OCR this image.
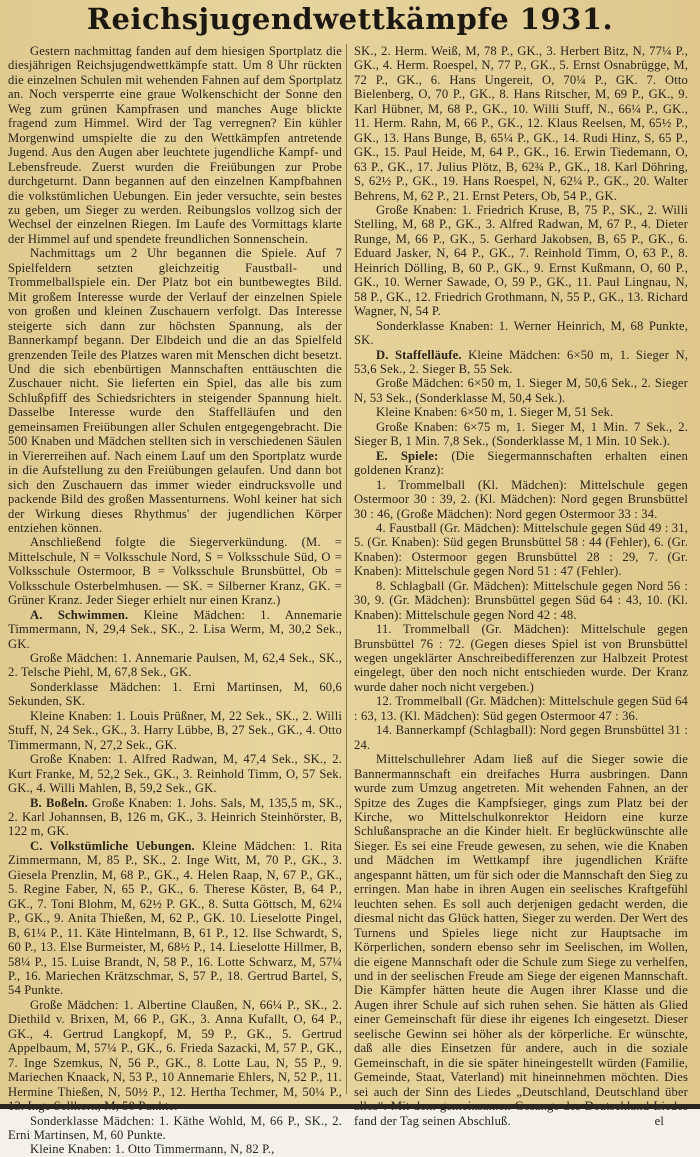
Reichsjugendwettkämpfe 1931.

Gestern nachmittag fanden auf dem hiesigen Sportplatz die diesjährigen Reichsjugendwettkämpfe statt. Um 8 Uhr rückten die einzelnen Schulen mit wehenden Fahnen auf dem Sportplatz an. Noch versperrte eine graue Wolkenschicht der Sonne den Weg zum grünen Kampfrasen und manches Auge blickte fragend zum Himmel. Wird der Tag verregnen? Ein kühler Morgenwind umspielte die zu den Wettkämpfen antretende Jugend. Aus den Augen aber leuchtete jugendliche Kampf- und Lebensfreude. Zuerst wurden die Freiübungen zur Probe durchgeturnt. Dann begannen auf den einzelnen Kampfbahnen die volkstümlichen Uebungen. Ein jeder versuchte, sein bestes zu geben, um Sieger zu werden. Reibungslos vollzog sich der Wechsel der einzelnen Riegen. Im Laufe des Vormittags klarte der Himmel auf und spendete freundlichen Sonnenschein.

Nachmittags um 2 Uhr begannen die Spiele. Auf 7 Spielfeldern setzten gleichzeitig Faustball- und Trommelballspiele ein. Der Platz bot ein buntbewegtes Bild. Mit großem Interesse wurde der Verlauf der einzelnen Spiele von großen und kleinen Zuschauern verfolgt. Das Interesse steigerte sich dann zur höchsten Spannung, als der Bannerkampf begann. Der Elbdeich und die an das Spielfeld grenzenden Teile des Platzes waren mit Menschen dicht besetzt. Und die sich ebenbürtigen Mannschaften enttäuschten die Zuschauer nicht. Sie lieferten ein Spiel, das alle bis zum Schlußpfiff des Schiedsrichters in steigender Spannung hielt. Dasselbe Interesse wurde den Staffelläufen und den gemeinsamen Freiübungen aller Schulen entgegengebracht. Die 500 Knaben und Mädchen stellten sich in verschiedenen Säulen in Viererreihen auf. Nach einem Lauf um den Sportplatz wurde in die Aufstellung zu den Freiübungen gelaufen. Und dann bot sich den Zuschauern das immer wieder eindrucksvolle und packende Bild des großen Massenturnens. Wohl keiner hat sich der Wirkung dieses Rhythmus' der jugendlichen Körper entziehen können.

Anschließend folgte die Siegerverkündung. (M. = Mittelschule, N = Volksschule Nord, S = Volksschule Süd, O = Volksschule Ostermoor, B = Volksschule Brunsbüttel, Ob = Volksschule Osterbelmhusen. — SK. = Silberner Kranz, GK. = Grüner Kranz. Jeder Sieger erhielt nur einen Kranz.)

A. Schwimmen. Kleine Mädchen: 1. Annemarie Timmermann, N, 29,4 Sek., SK., 2. Lisa Werm, M, 30,2 Sek., GK.

Große Mädchen: 1. Annemarie Paulsen, M, 62,4 Sek., SK., 2. Telsche Piehl, M, 67,8 Sek., GK.

Sonderklasse Mädchen: 1. Erni Martinsen, M, 60,6 Sekunden, SK.

Kleine Knaben: 1. Louis Prüßner, M, 22 Sek., SK., 2. Willi Stuff, N, 24 Sek., GK., 3. Harry Lübbe, B, 27 Sek., GK., 4. Otto Timmermann, N, 27,2 Sek., GK.

Große Knaben: 1. Alfred Radwan, M, 47,4 Sek., SK., 2. Kurt Franke, M, 52,2 Sek., GK., 3. Reinhold Timm, O, 57 Sek. GK., 4. Willi Mahlen, B, 59,2 Sek., GK.

B. Boßeln. Große Knaben: 1. Johs. Sals, M, 135,5 m, SK., 2. Karl Johannsen, B, 126 m, GK., 3. Heinrich Steinhörster, B, 122 m, GK.

C. Volkstümliche Uebungen. Kleine Mädchen: 1. Rita Zimmermann, M, 85 P., SK., 2. Inge Witt, M, 70 P., GK., 3. Giesela Prenzlin, M, 68 P., GK., 4. Helen Raap, N, 67 P., GK., 5. Regine Faber, N, 65 P., GK., 6. Therese Köster, B, 64 P., GK., 7. Toni Blohm, M, 62½ P. GK., 8. Sutta Göttsch, M, 62¼ P., GK., 9. Anita Thießen, M, 62 P., GK. 10. Lieselotte Pingel, B, 61¼ P., 11. Käte Hintelmann, B, 61 P., 12. Ilse Schwardt, S, 60 P., 13. Else Burmeister, M, 68½ P., 14. Lieselotte Hillmer, B, 58¼ P., 15. Luise Brandt, N, 58 P., 16. Lotte Schwarz, M, 57¼ P., 16. Mariechen Krätzschmar, S, 57 P., 18. Gertrud Bartel, S, 54 Punkte.

Große Mädchen: 1. Albertine Claußen, N, 66¼ P., SK., 2. Diethild v. Brixen, M, 66 P., GK., 3. Anna Kufallt, O, 64 P., GK., 4. Gertrud Langkopf, M, 59 P., GK., 5. Gertrud Appelbaum, M, 57¼ P., GK., 6. Frieda Sazacki, M, 57 P., GK., 7. Inge Szemkus, N, 56 P., GK., 8. Lotte Lau, N, 55 P., 9. Mariechen Knaack, N, 53 P., 10 Annemarie Ehlers, N, 52 P., 11. Hermine Thießen, N, 50½ P., 12. Hertha Techmer, M, 50¼ P.,

Sonderklasse Mädchen: 1. Käthe Wohld, M, 66 P., SK., 2. Erni Martinsen, M, 60 Punkte.

Kleine Knaben: 1. Otto Timmermann, N, 82 P.,

SK., 2. Herm. Weiß, M, 78 P., GK., 3. Herbert Bitz, N, 77¼ P., GK., 4. Herm. Roespel, N, 77 P., GK., 5. Ernst Osnabrügge, M, 72 P., GK., 6. Hans Ungereit, O, 70¼ P., GK. 7. Otto Bielenberg, O, 70 P., GK., 8. Hans Ritscher, M, 69 P., GK., 9. Karl Hübner, M, 68 P., GK., 10. Willi Stuff, N., 66¼ P., GK., 11. Herm. Rahn, M, 66 P., GK., 12. Klaus Reelsen, M, 65½ P., GK., 13. Hans Bunge, B, 65¼ P., GK., 14. Rudi Hinz, S, 65 P., GK., 15. Paul Heide, M, 64 P., GK., 16. Erwin Tiedemann, O, 63 P., GK., 17. Julius Plötz, B, 62¾ P., GK., 18. Karl Döhring, S, 62½ P., GK., 19. Hans Roespel, N, 62¼ P., GK., 20. Walter Behrens, M, 62 P., 21. Ernst Peters, Ob, 54 P., GK.

Große Knaben: 1. Friedrich Kruse, B, 75 P., SK., 2. Willi Stelling, M, 68 P., GK., 3. Alfred Radwan, M, 67 P., 4. Dieter Runge, M, 66 P., GK., 5. Gerhard Jakobsen, B, 65 P., GK., 6. Eduard Jasker, N, 64 P., GK., 7. Reinhold Timm, O, 63 P., 8. Heinrich Dölling, B, 60 P., GK., 9. Ernst Kußmann, O, 60 P., GK., 10. Werner Sawade, O, 59 P., GK., 11. Paul Lingnau, N, 58 P., GK., 12. Friedrich Grothmann, N, 55 P., GK., 13. Richard Wagner, N, 54 P.

Sonderklasse Knaben: 1. Werner Heinrich, M, 68 Punkte, SK.

D. Staffelläufe. Kleine Mädchen: 6×50 m, 1. Sieger N, 53,6 Sek., 2. Sieger B, 55 Sek.

Große Mädchen: 6×50 m, 1. Sieger M, 50,6 Sek., 2. Sieger N, 53 Sek., (Sonderklasse M, 50,4 Sek.).

Kleine Knaben: 6×50 m, 1. Sieger M, 51 Sek.

Große Knaben: 6×75 m, 1. Sieger M, 1 Min. 7 Sek., 2. Sieger B, 1 Min. 7,8 Sek., (Sonderklasse M, 1 Min. 10 Sek.).

E. Spiele: (Die Siegermannschaften erhalten einen goldenen Kranz):

1. Trommelball (Kl. Mädchen): Mittelschule gegen Ostermoor 30 : 39, 2. (Kl. Mädchen): Nord gegen Brunsbüttel 30 : 46, (Große Mädchen): Nord gegen Ostermoor 33 : 34.

4. Faustball (Gr. Mädchen): Mittelschule gegen Süd 49 : 31, 5. (Gr. Knaben): Süd gegen Brunsbüttel 58 : 44 (Fehler), 6. (Gr. Knaben): Ostermoor gegen Brunsbüttel 28 : 29, 7. (Gr. Knaben): Mittelschule gegen Nord 51 : 47 (Fehler).

8. Schlagball (Gr. Mädchen): Mittelschule gegen Nord 56 : 30, 9. (Gr. Mädchen): Brunsbüttel gegen Süd 64 : 43, 10. (Kl. Knaben): Mittelschule gegen Nord 42 : 48.

11. Trommelball (Gr. Mädchen): Mittelschule gegen Brunsbüttel 76 : 72. (Gegen dieses Spiel ist von Brunsbüttel wegen ungeklärter Anschreibedifferenzen zur Halbzeit Protest eingelegt, über den noch nicht entschieden wurde. Der Kranz wurde daher noch nicht vergeben.)

12. Trommelball (Gr. Mädchen): Mittelschule gegen Süd 64 : 63, 13. (Kl. Mädchen): Süd gegen Ostermoor 47 : 36.

14. Bannerkampf (Schlagball): Nord gegen Brunsbüttel 31 : 24.

Mittelschullehrer Adam ließ auf die Sieger sowie die Bannermannschaft ein dreifaches Hurra ausbringen. Dann wurde zum Umzug angetreten. Mit wehenden Fahnen, an der Spitze des Zuges die Kampfsieger, gings zum Platz bei der Kirche, wo Mittelschulkonrektor Heidorn eine kurze Schlußansprache an die Kinder hielt. Er beglückwünschte alle Sieger. Es sei eine Freude gewesen, zu sehen, wie die Knaben und Mädchen im Wettkampf ihre jugendlichen Kräfte angespannt hätten, um für sich oder die Mannschaft den Sieg zu erringen. Man habe in ihren Augen ein seelisches Kraftgefühl leuchten sehen. Es soll auch derjenigen gedacht werden, die diesmal nicht das Glück hatten, Sieger zu werden. Der Wert des Turnens und Spieles liege nicht zur Hauptsache im Körperlichen, sondern ebenso sehr im Seelischen, im Wollen, die eigene Mannschaft oder die Schule zum Siege zu verhelfen, und in der seelischen Freude am Siege der eigenen Mannschaft. Die Kämpfer hätten heute die Augen ihrer Klasse und die Augen ihrer Schule auf sich ruhen sehen. Sie hätten als Glied einer Gemeinschaft für diese ihr eigenes Ich eingesetzt. Dieser seelische Gewinn sei höher als der körperliche. Er wünschte, daß alle dies Einsetzen für andere, auch in die soziale Gemeinschaft, in die sie später hineingestellt würden (Familie, Gemeinde, Staat, Vaterland) mit hineinnehmen möchten. Dies sei auch der Sinn des Liedes „Deutschland, Deutschland über fand der Tag seinen Abschluß.	el
